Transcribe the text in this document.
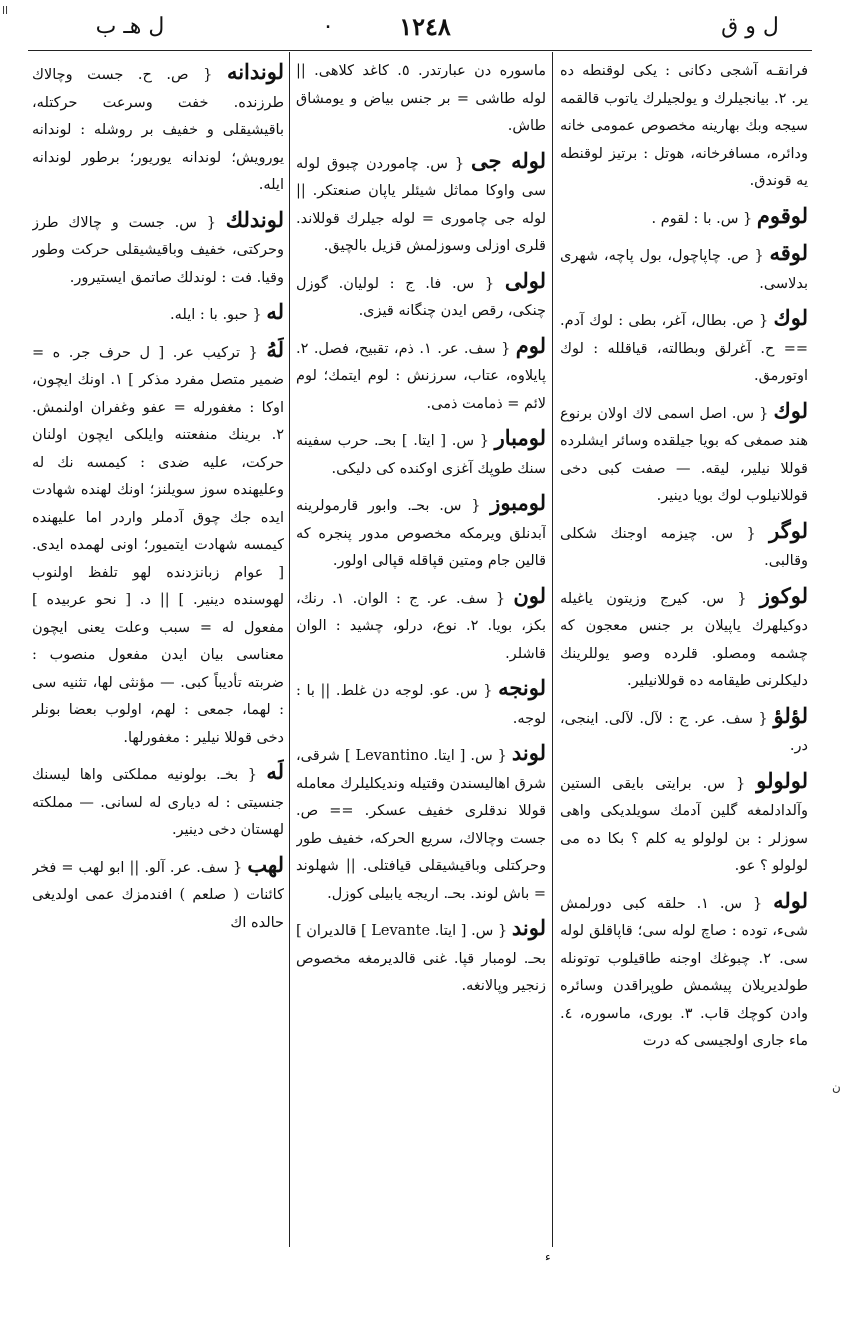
ll
ل و ق
١٢٤٨
٠
ل هـ ب
فرانقـه آشجی دکانی : یکی لوقنطه ده یر. ۲. بیانجیلرك و یولجیلرك یاتوب قالقمه سیجه وبك بهارینه مخصوص عمومی خانه ودائره، مسافرخانه، هوتل : برتیز لوقنطه یه قوندق.
لوقوم { س. با : لقوم .
لوقه { ص. چاپاچول، بول پاچه، شهری بدلاسی.
لوك { ص. بطال، آغر، بطی : لوك آدم. == ح. آغرلق وبطالته، قیاقلله : لوك اوتورمق.
لوك { س. اصل اسمی لاك اولان برنوع هند صمغی كه بویا جیلقده وسائر ایشلرده قوللا نیلیر، لیقه. — صفت کبی دخی قوللانیلوب لوك بویا دینیر.
لوگر { س. چیزمه اوجنك شكلی وقالبی.
لوكوز { س. کیرج وزیتون یاغیله دوكیلهرك یاپیلان بر جنس معجون که چشمه ومصلو. قلرده وصو یوللرینك دلیكلرنی طیقامه ده قوللانیلیر.
لؤلؤ { سف. عر. ج : لآل. لآلی. اینجی، در.
لولولو { س. برایتی بایقی الستین وآلدادلمغه گلین آدمك سویلدیکی واهی سوزلر : بن لولولو یه کلم ؟ بکا ده می لولولو ؟ عو.
لوله { س. ۱. حلقه کبی دورلمش شیء، توده : صاچ لوله سی؛ قاپاقلق لوله سی. ۲. چبوغك اوجنه طاقیلوب توتونله طولدیریلان پیشمش طوپراقدن وسائره وادن کوچك قاب. ۳. بوری، ماسوره، ٤. ماء جاری اولجیسی که درت
ماسوره دن عبارتدر. ٥. کاغد کلاهی. || لوله طاشی = بر جنس بیاض و یومشاق طاش.
لوله جی { س. چاموردن چبوق لوله سی واوكا مماثل شیئلر یاپان صنعتکر. || لوله جی چاموری = لوله جیلرك قوللاند. قلری اوزلی وسوزلمش قزیل بالچیق.
لولی { س. فا. ج : لولیان. گوزل چنكی، رقص ایدن چنگانه قیزی.
لوم { سف. عر. ۱. ذم، تقبیح، فصل. ۲. پایلاوه، عتاب، سرزنش : لوم ایتمك؛ لوم لائم = ذمامت ذمی.
لومبار { س. [ ایتا. ] بحـ. حرب سفینه سنك طوپك آغزی اوكنده كی دلیکی.
لومبوز { س. بحـ. وابور قارمولرینه آبدنلق ویرمکه مخصوص مدور پنجره که قالین جام ومتین قپاقله قپالی اولور.
لون { سف. عر. ج : الوان. ۱. رنك، بكز، بویا. ۲. نوع، درلو، چشید : الوان قاشلر.
لونجه { س. عو. لوجه دن غلط. || با : لوجه.
لوند { س. [ ایتا. Levantino ] شرقی، شرق اهالیسندن وقتیله وندیكلیلرك معامله قوللا ندقلری خفیف عسكر. == ص. جست وچالاك، سریع الحركه، خفیف طور وحركتلی وباقیشیقلی قیافتلی. || شهلوند = باش لوند. بحـ. اریجه یابیلی كوزل.
لوند { س. [ ایتا. Levante ] قالدیران ] بحـ. لومبار قپا. غنی قالدیرمغه مخصوص زنجیر وپالانغه.
لوندانه { ص. ح. جست وچالاك طرزنده. خفت وسرعت حركتله، باقیشیقلی و خفیف بر روشله : لوندانه یورویش؛ لوندانه یوریور؛ برطور لوندانه ایله.
لوندلك { س. جست و چالاك طرز وحركتی، خفیف وباقیشیقلی حركت وطور وقیا. فت : لوندلك صاتمق ایستیرور.
له { حبو. با : ایله.
لَهُ { ترکیب عر. [ ل حرف جر. ه = ضمیر متصل مفرد مذكر ] ۱. اونك ایچون، اوكا : مغفورله = عفو وغفران اولنمش. ۲. برینك منفعتنه وایلکی ایچون اولنان حركت، علیه ضدی : كیمسه نك له وعلیهنده سوز سویلنز؛ اونك لهنده شهادت ایده جك چوق آدملر واردر اما علیهنده كیمسه شهادت ایتمیور؛ اونی لهمده ایدی. [ عوام زبانزدنده لهو تلفظ اولنوب لهوسنده دینیر. ] || د. [ نحو عربیده ] مفعول له = سبب وعلت یعنی ایچون معناسی بیان ایدن مفعول منصوب : ضربته تأدیباً كبی. — مؤنثی لها، تثنیه سی : لهما، جمعی : لهم، اولوب بعضا بونلر دخی قوللا نیلیر : مغفورلها.
لَه { بخـ. بولونیه مملكتی واها لیسنك جنسیتی : له دیاری له لسانی. — مملكته لهستان دخی دینیر.
لهب { سف. عر. آلو. || ابو لهب = فخر كائنات ( صلعم ) افندمزك عمی اولدیغی حالده اك
ن
ء
